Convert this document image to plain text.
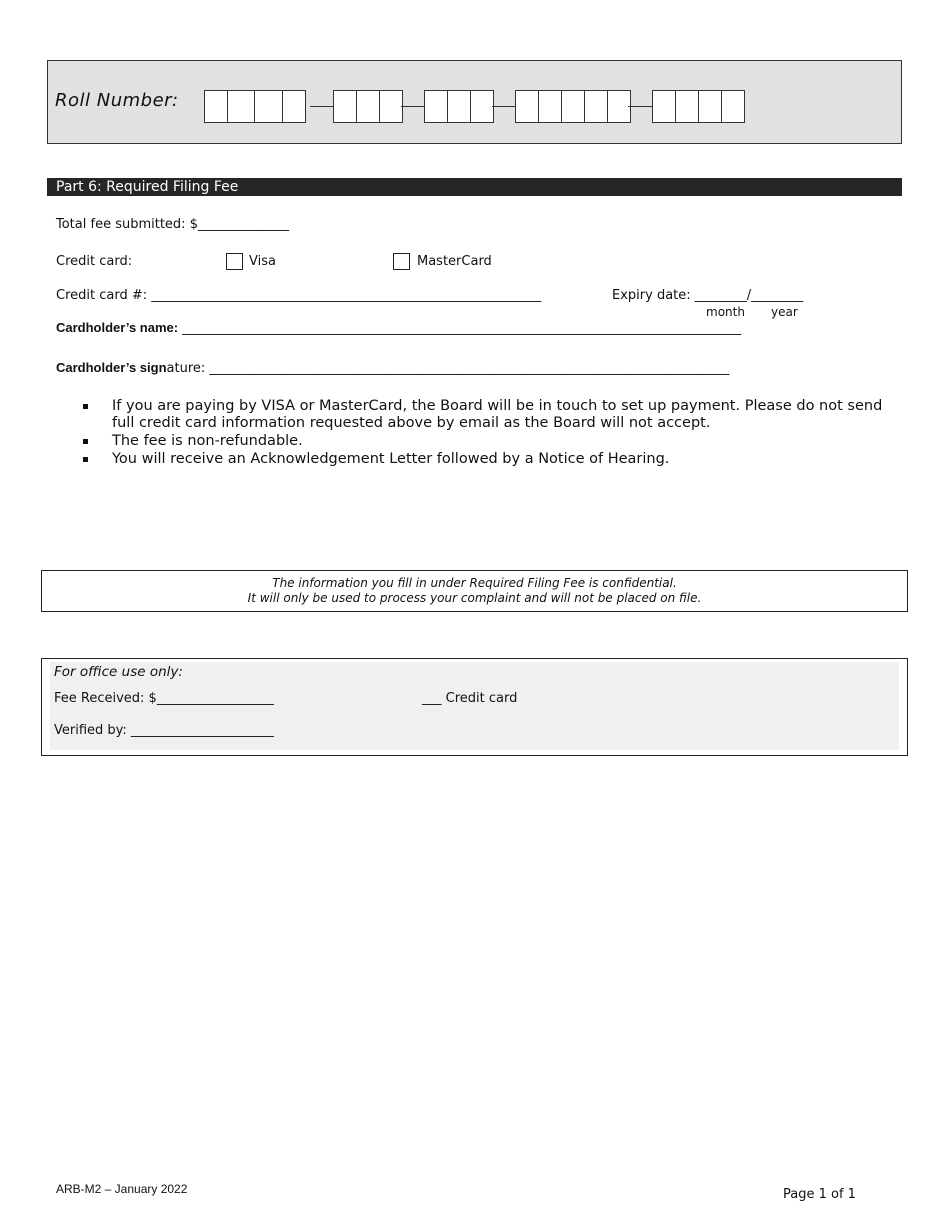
Roll Number:
Part 6: Required Filing Fee
Total fee submitted: $______________
Credit card:	Visa	MasterCard
Credit card #: ____________________________________________________________	Expiry date: ________/________
month year
Cardholder’s name: ______________________________________________________________________________________
Cardholder’s signature: ________________________________________________________________________________
If you are paying by VISA or MasterCard, the Board will be in touch to set up payment. Please do not send full credit card information requested above by email as the Board will not accept.
The fee is non-refundable.
You will receive an Acknowledgement Letter followed by a Notice of Hearing.
The information you fill in under Required Filing Fee is confidential.
It will only be used to process your complaint and will not be placed on file.
For office use only:
Fee Received: $__________________	___ Credit card
Verified by: ______________________
ARB-M2 – January 2022	Page 1 of 1
